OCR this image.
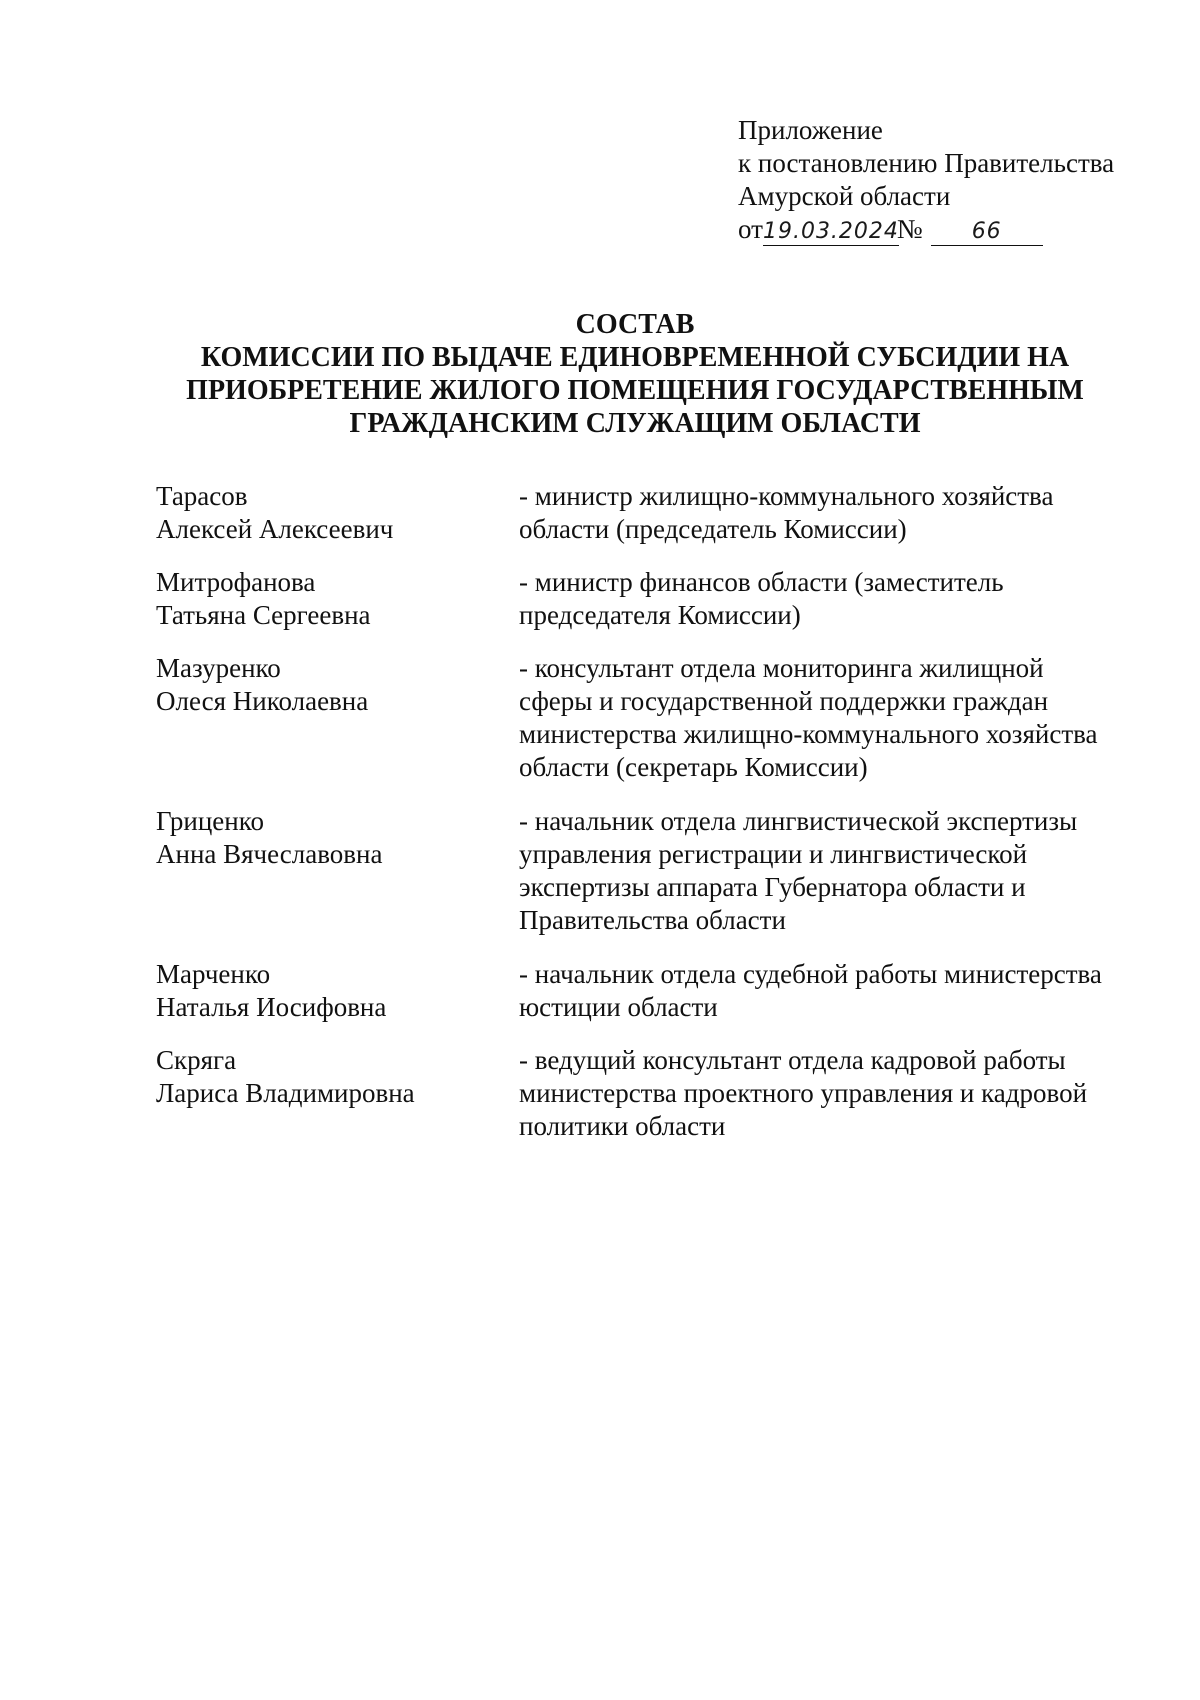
Приложение
к постановлению Правительства
Амурской области
от19.03.2024№ 66
СОСТАВ
КОМИССИИ ПО ВЫДАЧЕ ЕДИНОВРЕМЕННОЙ СУБСИДИИ НА
ПРИОБРЕТЕНИЕ ЖИЛОГО ПОМЕЩЕНИЯ ГОСУДАРСТВЕННЫМ
ГРАЖДАНСКИМ СЛУЖАЩИМ ОБЛАСТИ
Тарасов
Алексей Алексеевич
- министр жилищно-коммунального хозяйства
области (председатель Комиссии)
Митрофанова
Татьяна Сергеевна
- министр финансов области (заместитель
председателя Комиссии)
Мазуренко
Олеся Николаевна
- консультант отдела мониторинга жилищной
сферы и государственной поддержки граждан
министерства жилищно-коммунального хозяйства
области (секретарь Комиссии)
Гриценко
Анна Вячеславовна
- начальник отдела лингвистической экспертизы
управления регистрации и лингвистической
экспертизы аппарата Губернатора области и
Правительства области
Марченко
Наталья Иосифовна
- начальник отдела судебной работы министерства
юстиции области
Скряга
Лариса Владимировна
- ведущий консультант отдела кадровой работы
министерства проектного управления и кадровой
политики области
